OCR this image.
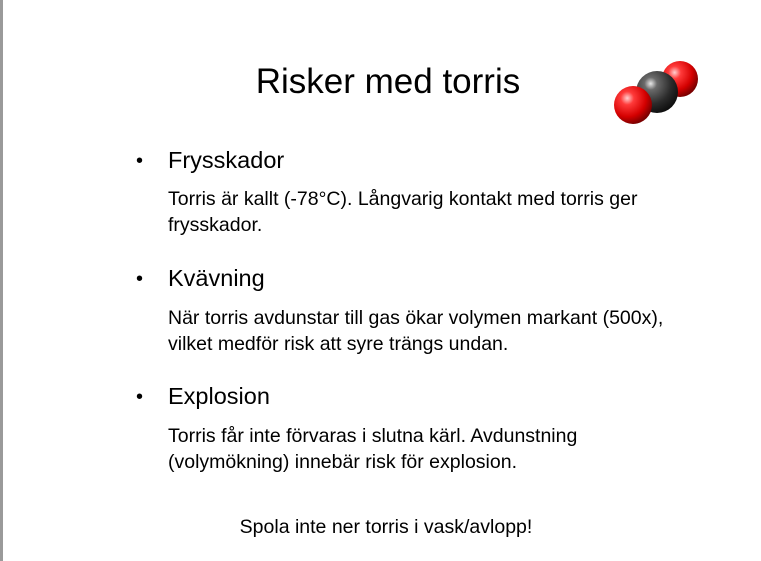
Risker med torris
• Frysskador
Torris är kallt (-78°C). Långvarig kontakt med torris ger frysskador.
• Kvävning
När torris avdunstar till gas ökar volymen markant (500x), vilket medför risk att syre trängs undan.
• Explosion
Torris får inte förvaras i slutna kärl. Avdunstning (volymökning) innebär risk för explosion.
Spola inte ner torris i vask/avlopp!
